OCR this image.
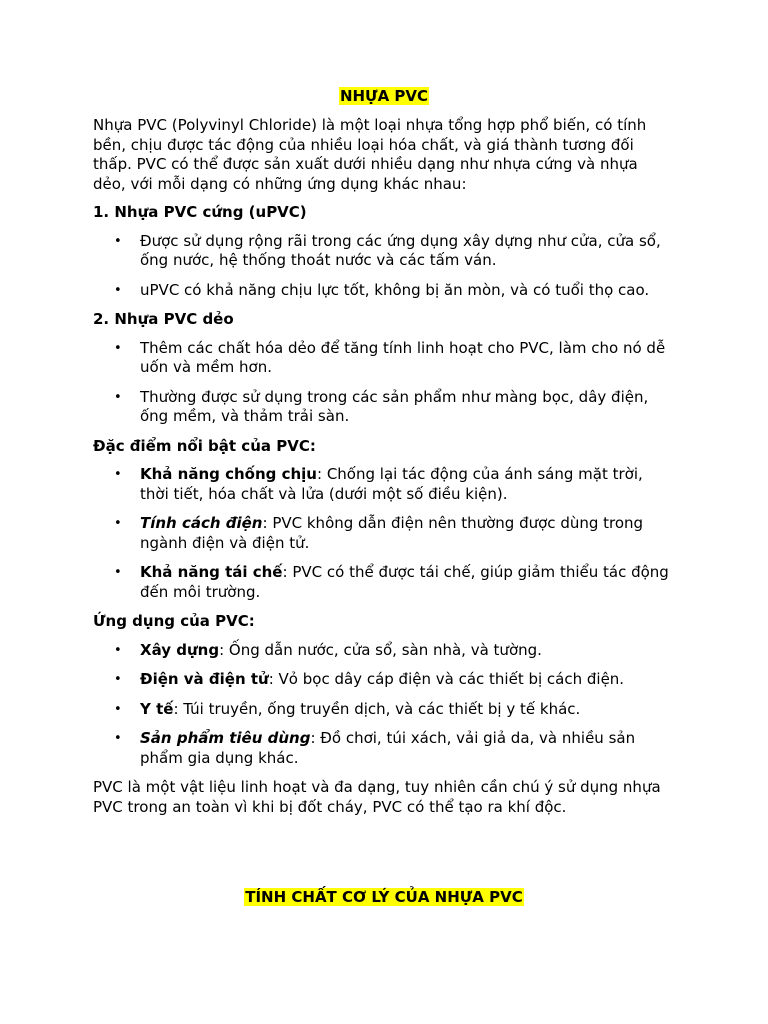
NHỰA PVC

Nhựa PVC (Polyvinyl Chloride) là một loại nhựa tổng hợp phổ biến, có tính bền, chịu được tác động của nhiều loại hóa chất, và giá thành tương đối thấp. PVC có thể được sản xuất dưới nhiều dạng như nhựa cứng và nhựa dẻo, với mỗi dạng có những ứng dụng khác nhau:

1. Nhựa PVC cứng (uPVC)

• Được sử dụng rộng rãi trong các ứng dụng xây dựng như cửa, cửa sổ, ống nước, hệ thống thoát nước và các tấm ván.
• uPVC có khả năng chịu lực tốt, không bị ăn mòn, và có tuổi thọ cao.

2. Nhựa PVC dẻo

• Thêm các chất hóa dẻo để tăng tính linh hoạt cho PVC, làm cho nó dễ uốn và mềm hơn.
• Thường được sử dụng trong các sản phẩm như màng bọc, dây điện, ống mềm, và thảm trải sàn.

Đặc điểm nổi bật của PVC:

• Khả năng chống chịu: Chống lại tác động của ánh sáng mặt trời, thời tiết, hóa chất và lửa (dưới một số điều kiện).
• Tính cách điện: PVC không dẫn điện nên thường được dùng trong ngành điện và điện tử.
• Khả năng tái chế: PVC có thể được tái chế, giúp giảm thiểu tác động đến môi trường.

Ứng dụng của PVC:

• Xây dựng: Ống dẫn nước, cửa sổ, sàn nhà, và tường.
• Điện và điện tử: Vỏ bọc dây cáp điện và các thiết bị cách điện.
• Y tế: Túi truyền, ống truyền dịch, và các thiết bị y tế khác.
• Sản phẩm tiêu dùng: Đồ chơi, túi xách, vải giả da, và nhiều sản phẩm gia dụng khác.

PVC là một vật liệu linh hoạt và đa dạng, tuy nhiên cần chú ý sử dụng nhựa PVC trong an toàn vì khi bị đốt cháy, PVC có thể tạo ra khí độc.

TÍNH CHẤT CƠ LÝ CỦA NHỰA PVC
